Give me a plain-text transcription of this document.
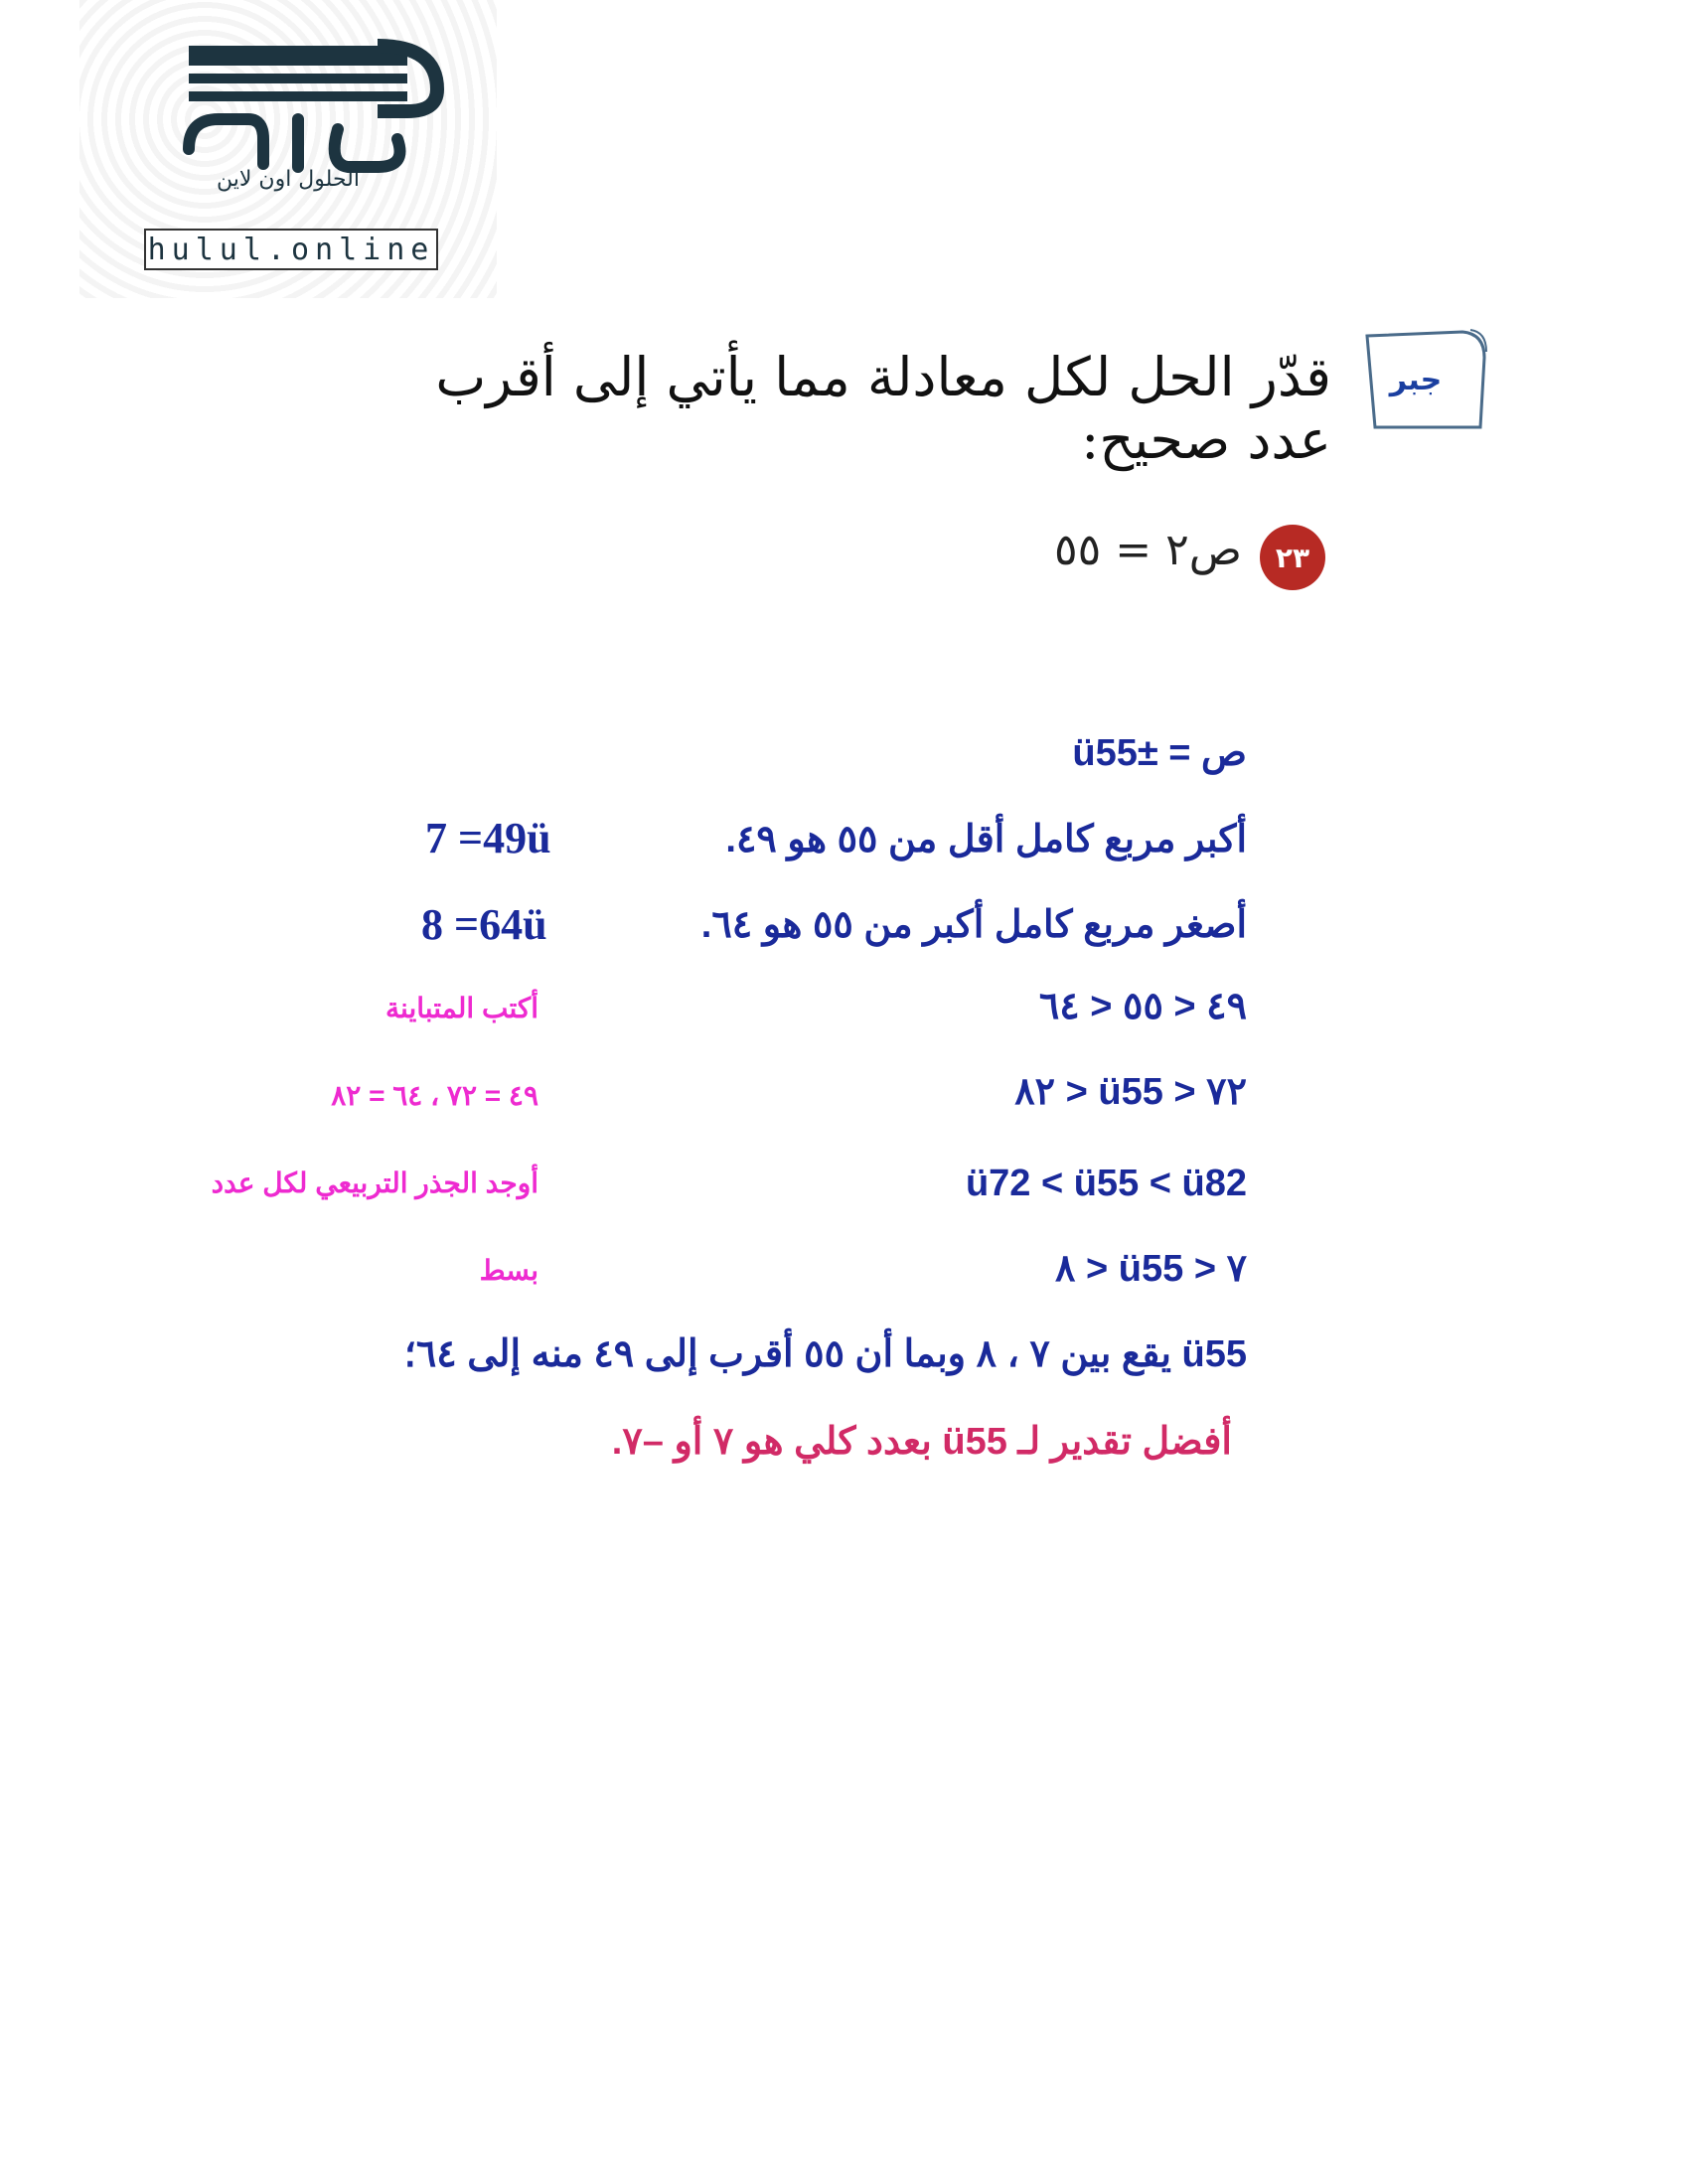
الحلول اون لاين
hulul.online
جبر
قدّر الحل لكل معادلة مما يأتي إلى أقرب عدد صحيح:
٢٣
ص٢ = ٥٥
ص = ±ü55
أكبر مربع كامل أقل من ٥٥ هو ٤٩.
7 =49ü
أصغر مربع كامل أكبر من ٥٥ هو ٦٤.
8 =64ü
٤٩ < ٥٥ < ٦٤
أكتب المتباينة
٧٢ < ü55 < ٨٢
٤٩ = ٧٢ ، ٦٤ = ٨٢
ü72 < ü55 < ü82
أوجد الجذر التربيعي لكل عدد
٧ < ü55 < ٨
بسط
ü55 يقع بين ٧ ، ٨ وبما أن ٥٥ أقرب إلى ٤٩ منه إلى ٦٤؛
أفضل تقدير لـ ü55 بعدد كلي هو ٧ أو –٧.
